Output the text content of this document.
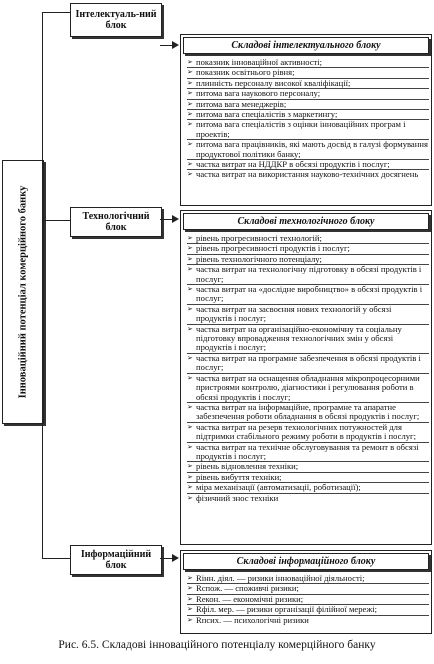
Інноваційний потенціал комерційного банку
Інтелектуаль-ний блок
Складові інтелектуального блоку
➢ показник інноваційної активності;
➢ показник освітнього рівня;
➢ плинність персоналу високої кваліфікації;
➢ питома вага наукового персоналу;
➢ питома вага менеджерів;
➢ питома вага спеціалістів з маркетингу;
➢ питома вага спеціалістів з оцінки інноваційних програм і проектів;
➢ питома вага працівників, які мають досвід в галузі формування продуктової політики банку;
➢ частка витрат на НДДКР в обсязі продуктів і послуг;
➢ частка витрат на використання науково-технічних досягнень
Технологічний блок
Складові технологічного блоку
➢ рівень прогресивності технологій;
➢ рівень прогресивності продуктів і послуг;
➢ рівень технологічного потенціалу;
➢ частка витрат на технологічну підготовку в обсязі продуктів і послуг;
➢ частка витрат на «дослідне виробництво» в обсязі продуктів і послуг;
➢ частка витрат на засвоєння нових технологій у обсязі продуктів і послуг;
➢ частка витрат на організаційно-економічну та соціальну підготовку впровадження технологічних змін у обсязі продуктів і послуг;
➢ частка витрат на програмне забезпечення в обсязі продуктів і послуг;
➢ частка витрат на оснащення обладнання мікропроцесорними пристроями контролю, діагностики і регулювання роботи в обсязі продуктів і послуг;
➢ частка витрат на інформаційне, програмне та апаратне забезпечення роботи обладнання в обсязі продуктів і послуг;
➢ частка витрат на резерв технологічних потужностей для підтримки стабільного режиму роботи в продуктів і послуг;
➢ частка витрат на технічне обслуговування та ремонт в обсязі продуктів і послуг;
➢ рівень відновлення техніки;
➢ рівень вибуття техніки;
➢ міра механізації (автоматизації, роботизації);
➢ фізичний знос техніки
Інформаційний блок	Складові інформаційного блоку
➢ Rінн. діял. — ризики інноваційної діяльності;
➢ Rспож. — споживчі ризики;
➢ Rекон. — економічні ризики;
➢ Rфіл. мер. — ризики організації філійної мережі;
➢ Rпсих. — психологічні ризики
Рис. 6.5. Складові інноваційного потенціалу комерційного банку
